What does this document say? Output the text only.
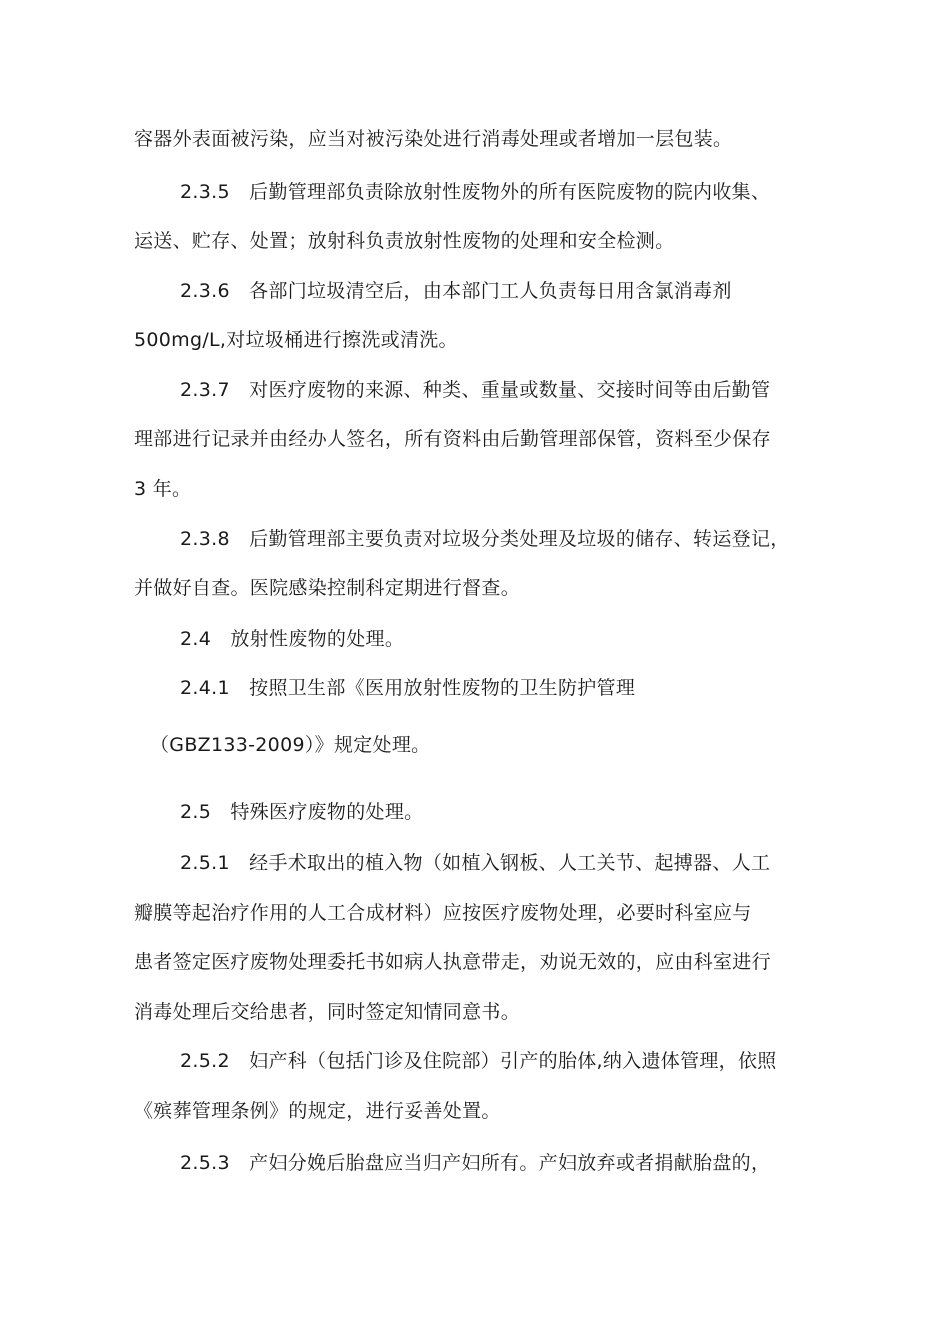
容器外表面被污染，应当对被污染处进行消毒处理或者增加一层包装。
2.3.5　后勤管理部负责除放射性废物外的所有医院废物的院内收集、
运送、贮存、处置；放射科负责放射性废物的处理和安全检测。
2.3.6　各部门垃圾清空后，由本部门工人负责每日用含氯消毒剂
500mg/L,对垃圾桶进行擦洗或清洗。
2.3.7　对医疗废物的来源、种类、重量或数量、交接时间等由后勤管
理部进行记录并由经办人签名，所有资料由后勤管理部保管，资料至少保存
3 年。
2.3.8　后勤管理部主要负责对垃圾分类处理及垃圾的储存、转运登记，
并做好自查。医院感染控制科定期进行督查。
2.4　放射性废物的处理。
2.4.1　按照卫生部《医用放射性废物的卫生防护管理
（GBZ133-2009）》规定处理。
2.5　特殊医疗废物的处理。
2.5.1　经手术取出的植入物（如植入钢板、人工关节、起搏器、人工
瓣膜等起治疗作用的人工合成材料）应按医疗废物处理，必要时科室应与
患者签定医疗废物处理委托书如病人执意带走，劝说无效的，应由科室进行
消毒处理后交给患者，同时签定知情同意书。
2.5.2　妇产科（包括门诊及住院部）引产的胎体,纳入遗体管理，依照
《殡葬管理条例》的规定，进行妥善处置。
2.5.3　产妇分娩后胎盘应当归产妇所有。产妇放弃或者捐献胎盘的，
